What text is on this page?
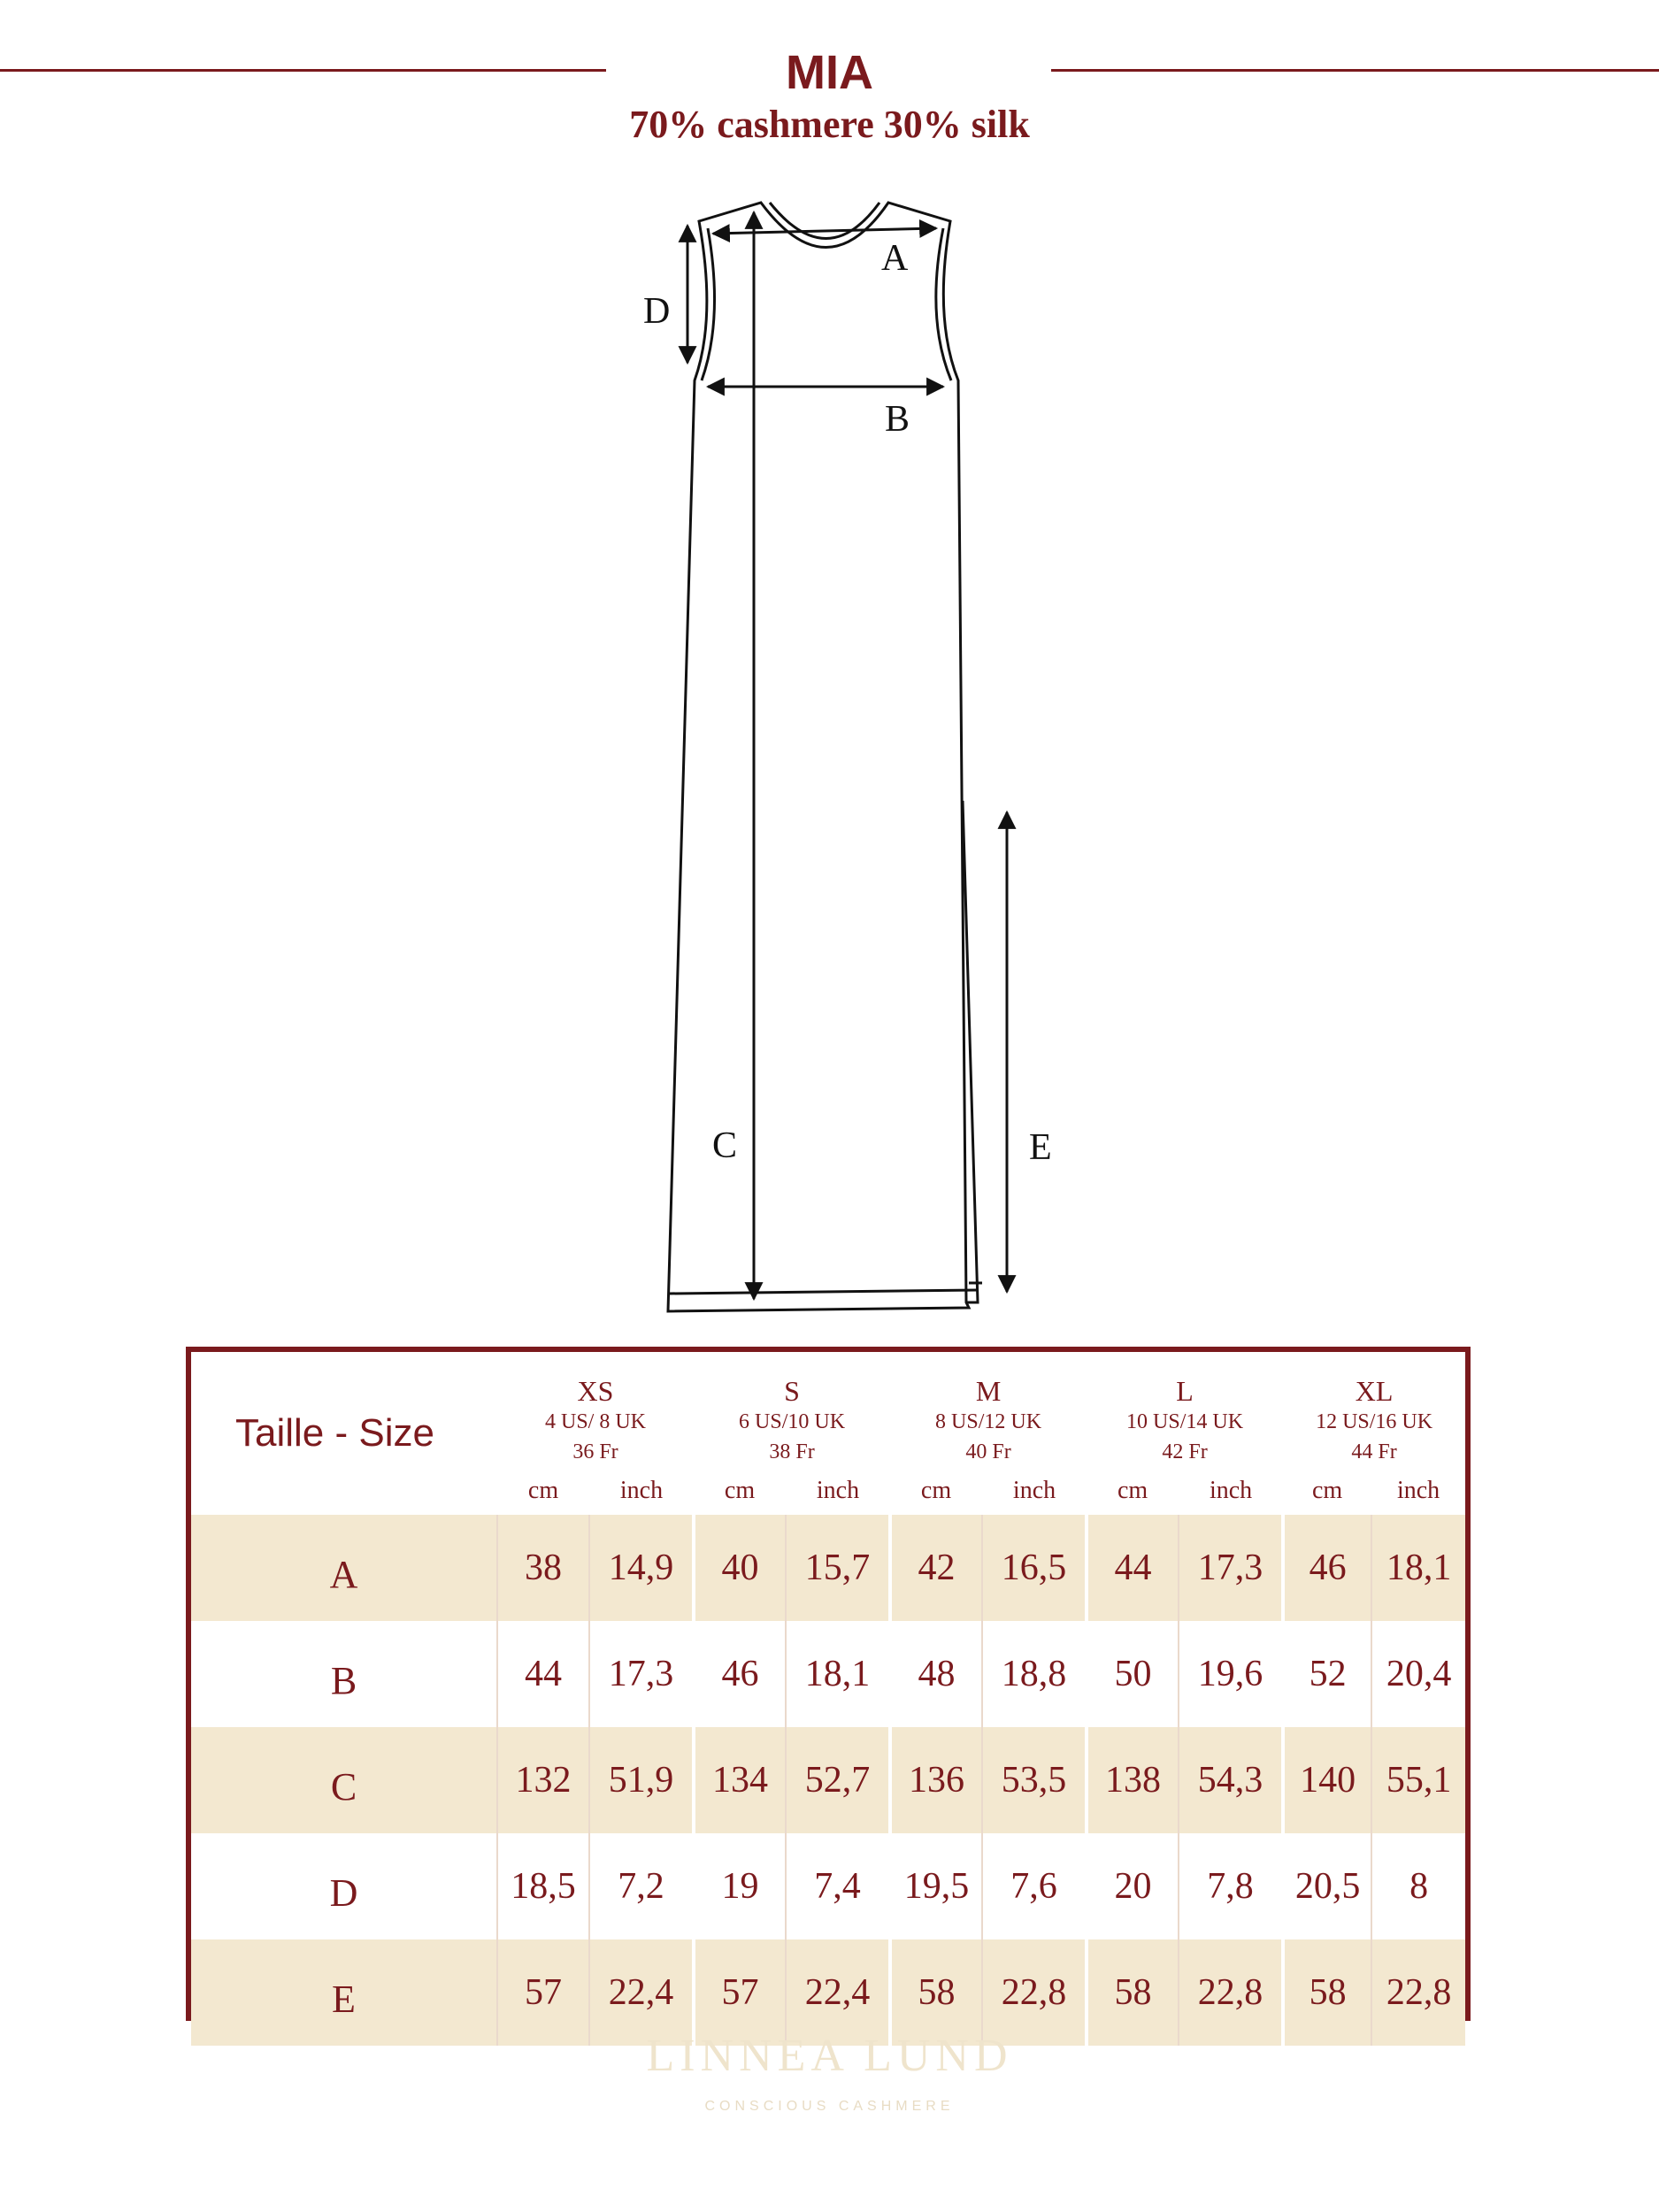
MIA
70% cashmere 30% silk
A
B
C
D
E
Taille - Size	XS
4 US/ 8 UK
36 Fr		S
6 US/10 UK
38 Fr		M
8 US/12 UK
40 Fr		L
10 US/14 UK
42 Fr		XL
12 US/16 UK
44 Fr	

	cm	inch	cm	inch	cm	inch	cm	inch	cm	inch
A	38	14,9	40	15,7	42	16,5	44	17,3	46	18,1
B	44	17,3	46	18,1	48	18,8	50	19,6	52	20,4
C	132	51,9	134	52,7	136	53,5	138	54,3	140	55,1
D	18,5	7,2	19	7,4	19,5	7,6	20	7,8	20,5	8
E	57	22,4	57	22,4	58	22,8	58	22,8	58	22,8
LINNEA LUND
CONSCIOUS CASHMERE
